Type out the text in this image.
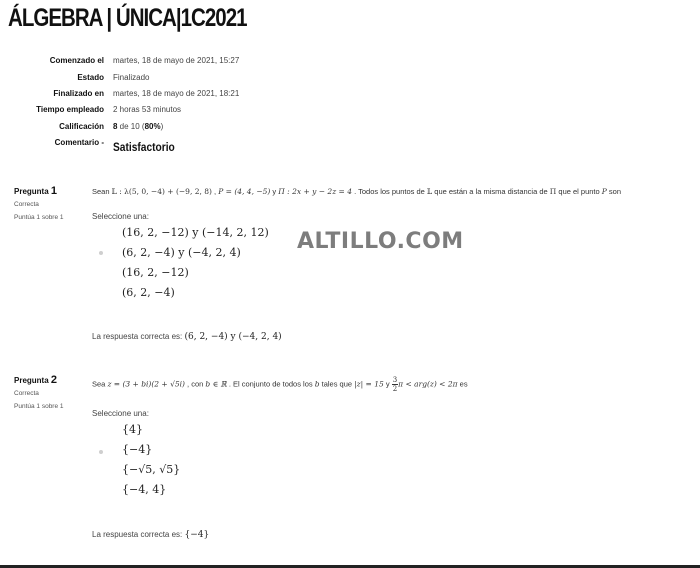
ÁLGEBRA | ÚNICA|1C2021
Comenzado el martes, 18 de mayo de 2021, 15:27
Estado Finalizado
Finalizado en martes, 18 de mayo de 2021, 18:21
Tiempo empleado 2 horas 53 minutos
Calificación 8 de 10 (80%)
Comentario - Satisfactorio
ALTILLO.COM
Pregunta 1
Correcta
Puntúa 1 sobre 1
Sean 𝕃 : λ(5, 0, −4) + (−9, 2, 8) , P = (4, 4, −5) y Π : 2x + y − 2z = 4 . Todos los puntos de 𝕃 que están a la misma distancia de Π que el punto P son
Seleccione una:
(16, 2, −12) y (−14, 2, 12)
(6, 2, −4) y (−4, 2, 4)
(16, 2, −12)
(6, 2, −4)
La respuesta correcta es: (6, 2, −4) y (−4, 2, 4)
Pregunta 2
Correcta
Puntúa 1 sobre 1
Sea z = (3 + bi)(2 + √5i) , con b ∈ ℝ . El conjunto de todos los b tales que |z| = 15 y $\frac{3}{2}$ π < arg(z) < 2π es
Seleccione una:
{4}
{−4}
{−√5, √5}
{−4, 4}
La respuesta correcta es: {−4}
